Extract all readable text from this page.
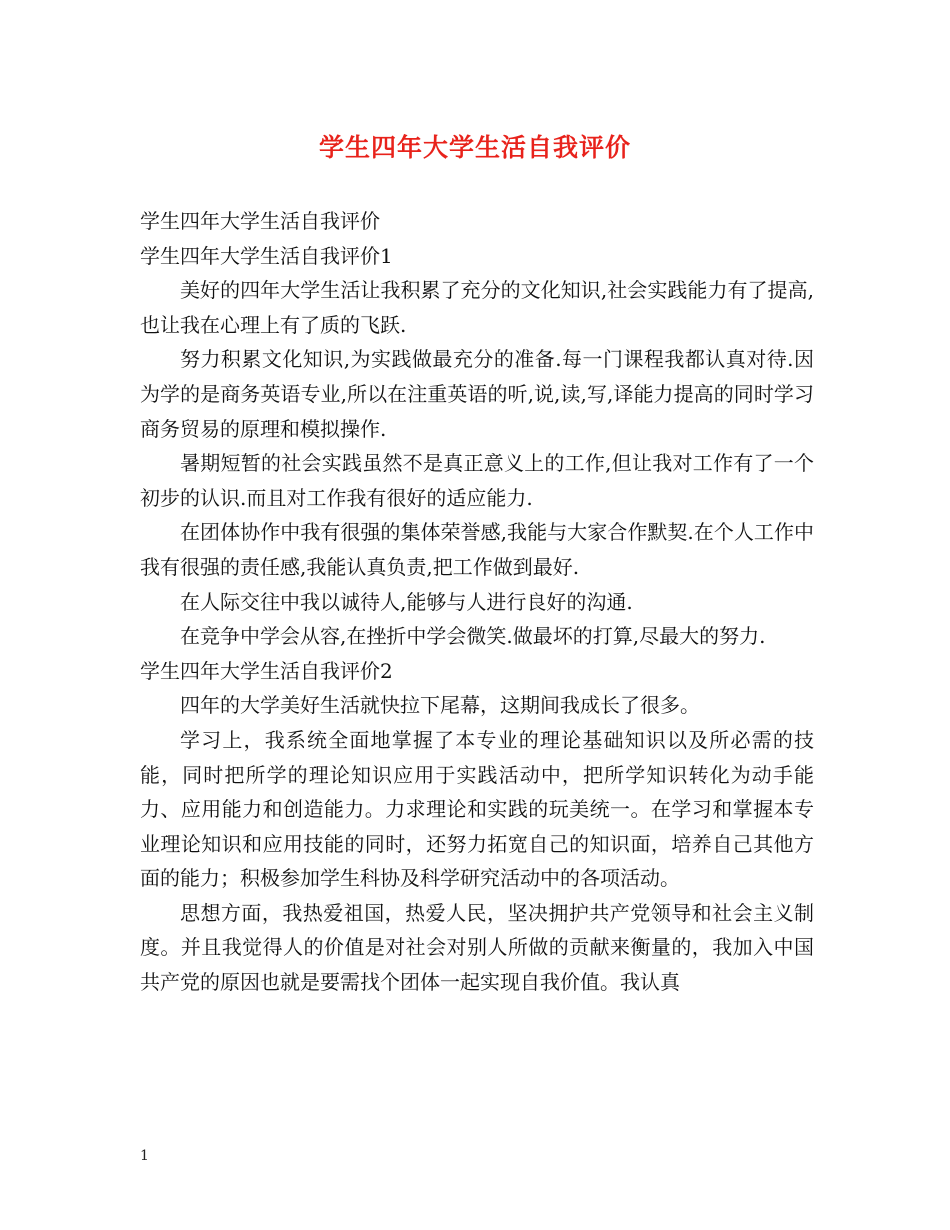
学生四年大学生活自我评价

学生四年大学生活自我评价

学生四年大学生活自我评价1

美好的四年大学生活让我积累了充分的文化知识,社会实践能力有了提高,也让我在心理上有了质的飞跃.

努力积累文化知识,为实践做最充分的准备.每一门课程我都认真对待.因为学的是商务英语专业,所以在注重英语的听,说,读,写,译能力提高的同时学习商务贸易的原理和模拟操作.

暑期短暂的社会实践虽然不是真正意义上的工作,但让我对工作有了一个初步的认识.而且对工作我有很好的适应能力.

在团体协作中我有很强的集体荣誉感,我能与大家合作默契.在个人工作中我有很强的责任感,我能认真负责,把工作做到最好.

在人际交往中我以诚待人,能够与人进行良好的沟通.

在竞争中学会从容,在挫折中学会微笑.做最坏的打算,尽最大的努力.

学生四年大学生活自我评价2

四年的大学美好生活就快拉下尾幕，这期间我成长了很多。

学习上，我系统全面地掌握了本专业的理论基础知识以及所必需的技能，同时把所学的理论知识应用于实践活动中，把所学知识转化为动手能力、应用能力和创造能力。力求理论和实践的玩美统一。在学习和掌握本专业理论知识和应用技能的同时，还努力拓宽自己的知识面，培养自己其他方面的能力；积极参加学生科协及科学研究活动中的各项活动。

思想方面，我热爱祖国，热爱人民，坚决拥护共产党领导和社会主义制度。并且我觉得人的价值是对社会对别人所做的贡献来衡量的，我加入中国共产党的原因也就是要需找个团体一起实现自我价值。我认真

1
